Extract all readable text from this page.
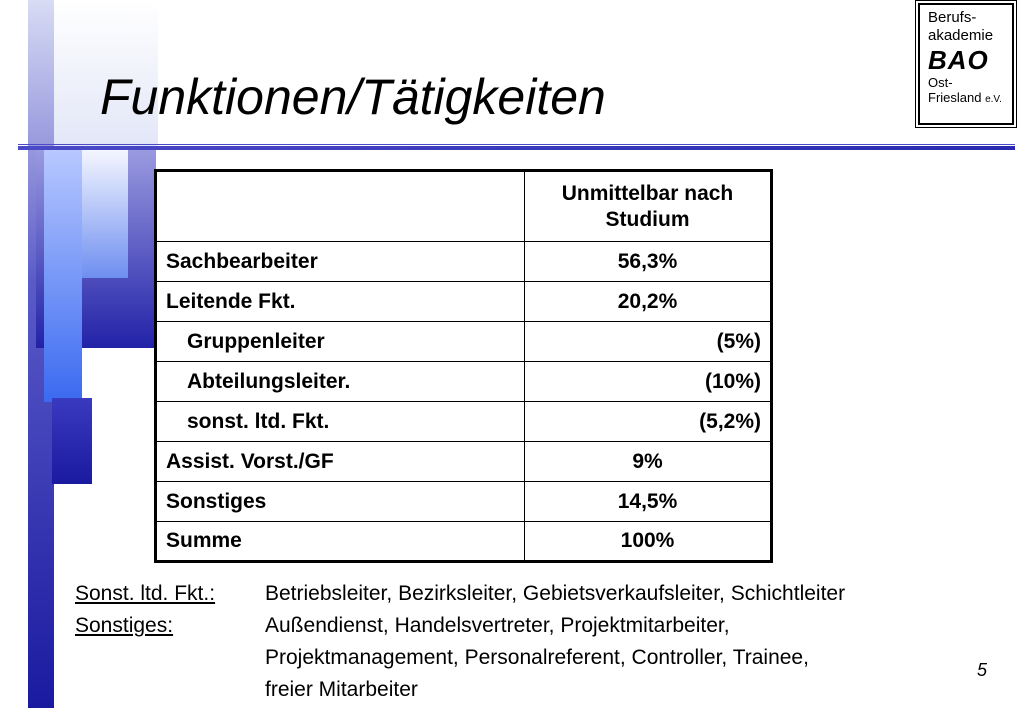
Funktionen/Tätigkeiten
Berufs-
akademie
BAO
Ost-
Friesland e.V.
	Unmittelbar nach Studium
Sachbearbeiter	56,3%
Leitende Fkt.	20,2%
Gruppenleiter	(5%)
Abteilungsleiter.	(10%)
sonst. ltd. Fkt.	(5,2%)
Assist. Vorst./GF	9%
Sonstiges	14,5%
Summe	100%
Sonst. ltd. Fkt.:	Betriebsleiter, Bezirksleiter, Gebietsverkaufsleiter, Schichtleiter
Sonstiges:	Außendienst, Handelsvertreter, Projektmitarbeiter,
Projektmanagement, Personalreferent, Controller, Trainee,
freier Mitarbeiter
5
